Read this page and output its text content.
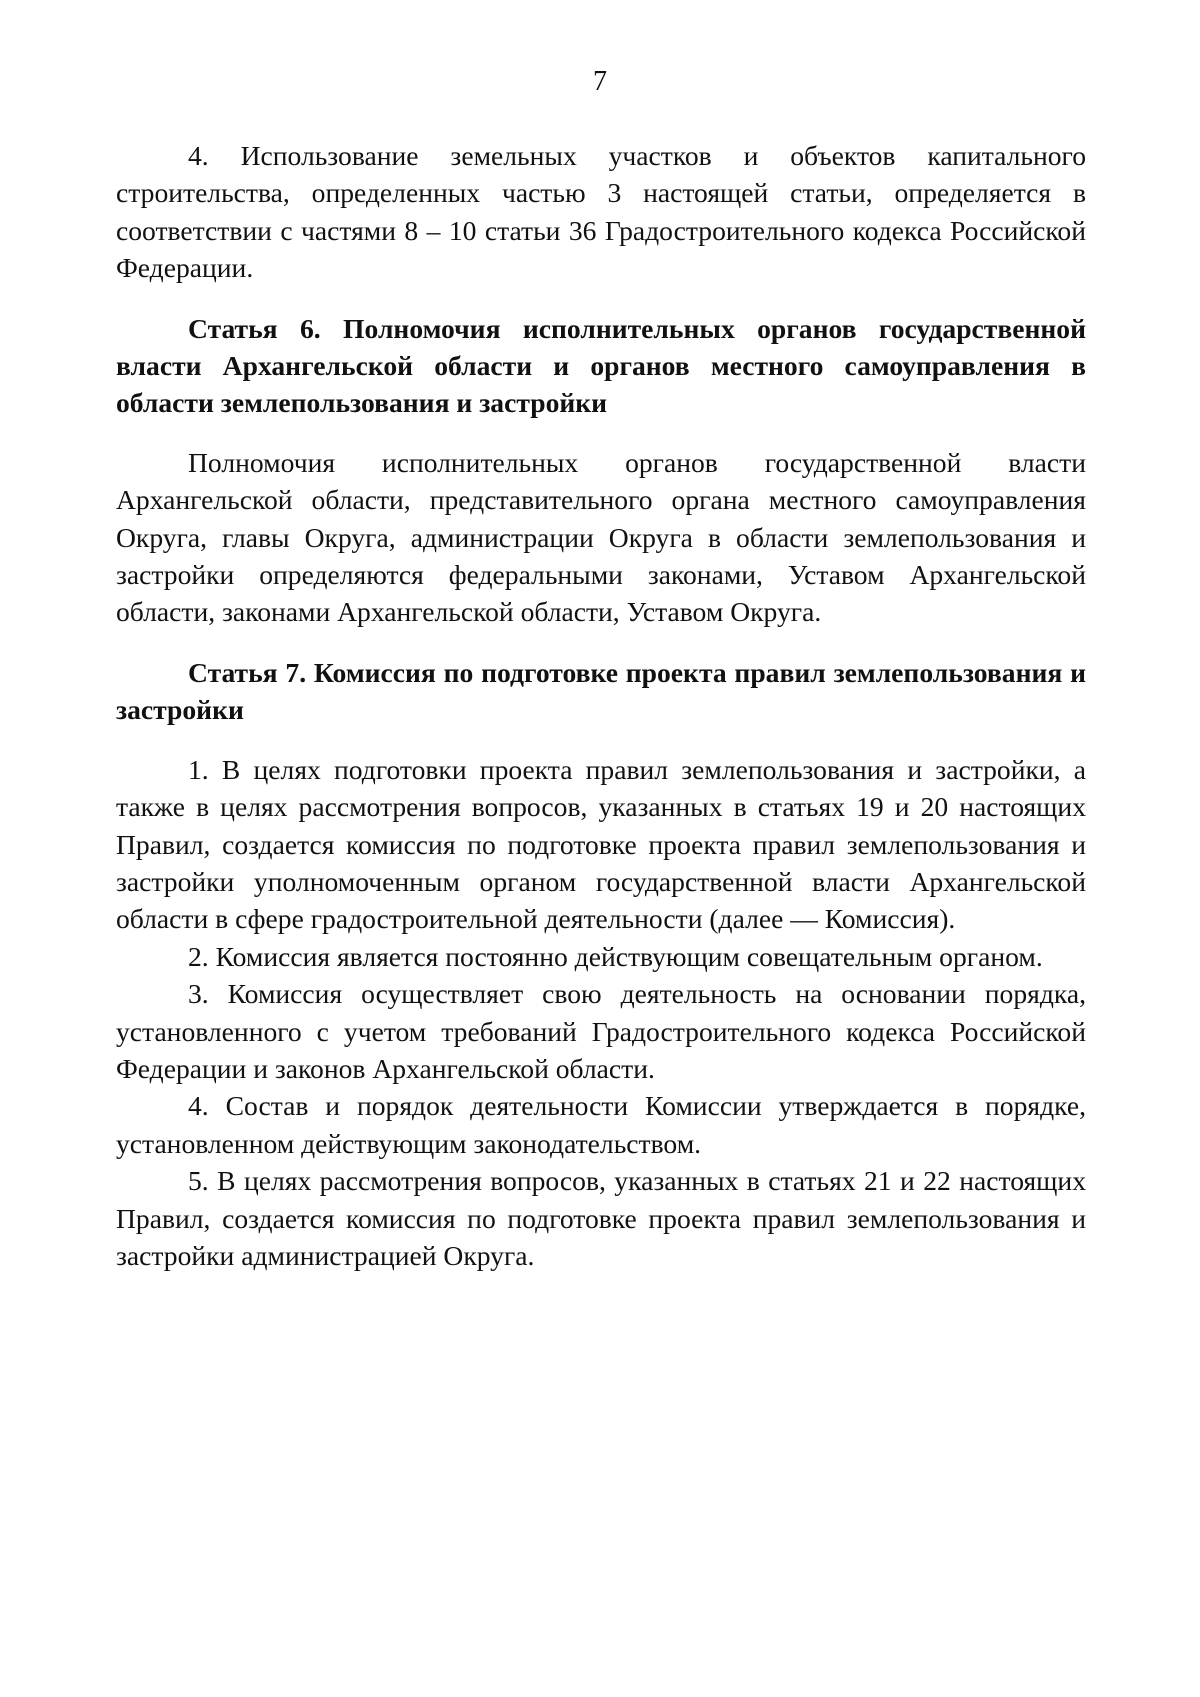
7

4. Использование земельных участков и объектов капитального строительства, определенных частью 3 настоящей статьи, определяется в соответствии с частями 8 – 10 статьи 36 Градостроительного кодекса Российской Федерации.

Статья 6. Полномочия исполнительных органов государственной власти Архангельской области и органов местного самоуправления в области землепользования и застройки

Полномочия исполнительных органов государственной власти Архангельской области, представительного органа местного самоуправления Округа, главы Округа, администрации Округа в области землепользования и застройки определяются федеральными законами, Уставом Архангельской области, законами Архангельской области, Уставом Округа.

Статья 7. Комиссия по подготовке проекта правил землепользования и застройки

1. В целях подготовки проекта правил землепользования и застройки, а также в целях рассмотрения вопросов, указанных в статьях 19 и 20 настоящих Правил, создается комиссия по подготовке проекта правил землепользования и застройки уполномоченным органом государственной власти Архангельской области в сфере градостроительной деятельности (далее — Комиссия).

2. Комиссия является постоянно действующим совещательным органом.

3. Комиссия осуществляет свою деятельность на основании порядка, установленного с учетом требований Градостроительного кодекса Российской Федерации и законов Архангельской области.

4. Состав и порядок деятельности Комиссии утверждается в порядке, установленном действующим законодательством.

5. В целях рассмотрения вопросов, указанных в статьях 21 и 22 настоящих Правил, создается комиссия по подготовке проекта правил землепользования и застройки администрацией Округа.
